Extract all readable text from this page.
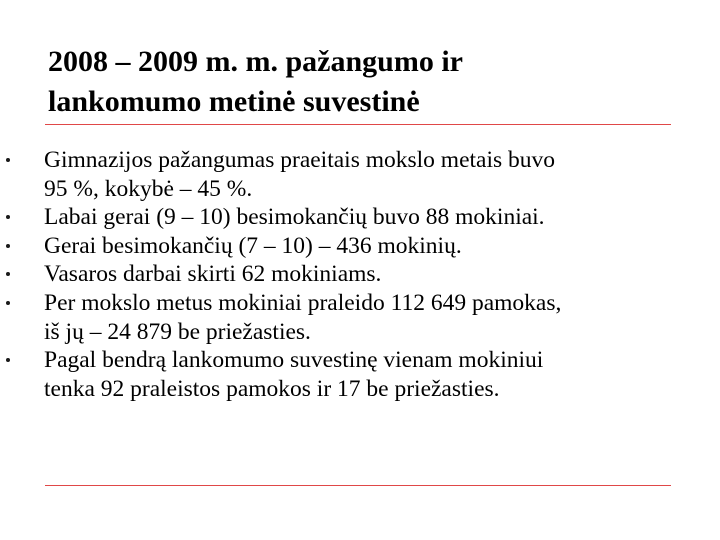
2008 – 2009 m. m. pažangumo ir
lankomumo metinė suvestinė
Gimnazijos pažangumas praeitais mokslo metais buvo
95 %, kokybė – 45 %.
Labai gerai (9 – 10) besimokančių buvo 88 mokiniai.
Gerai besimokančių (7 – 10) – 436 mokinių.
Vasaros darbai skirti 62 mokiniams.
Per mokslo metus mokiniai praleido 112 649 pamokas,
iš jų – 24 879 be priežasties.
Pagal bendrą lankomumo suvestinę vienam mokiniui
tenka 92 praleistos pamokos ir 17 be priežasties.
